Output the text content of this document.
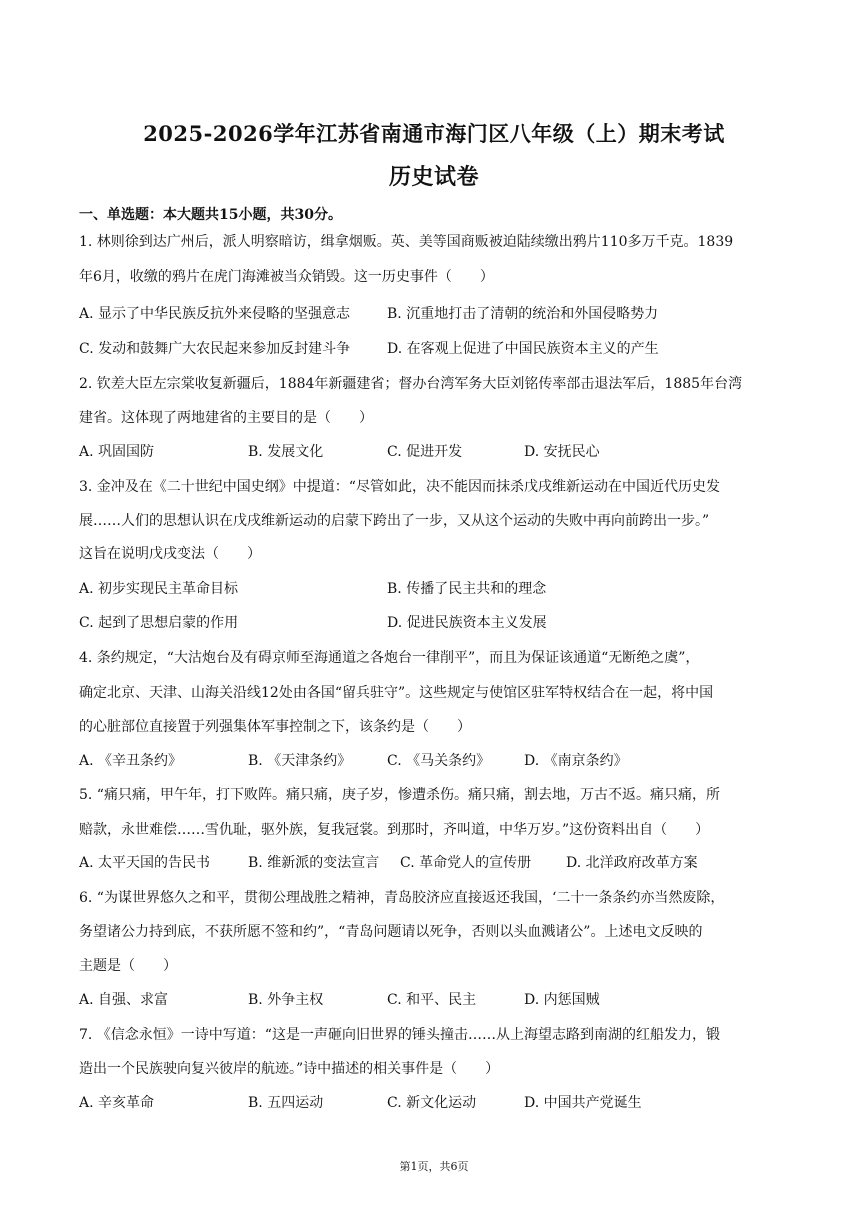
2025-2026学年江苏省南通市海门区八年级（上）期末考试
历史试卷
一、单选题：本大题共15小题，共30分。
1. 林则徐到达广州后，派人明察暗访，缉拿烟贩。英、美等国商贩被迫陆续缴出鸦片110多万千克。1839
年6月，收缴的鸦片在虎门海滩被当众销毁。这一历史事件（　　）
A. 显示了中华民族反抗外来侵略的坚强意志	B. 沉重地打击了清朝的统治和外国侵略势力
C. 发动和鼓舞广大农民起来参加反封建斗争	D. 在客观上促进了中国民族资本主义的产生
2. 钦差大臣左宗棠收复新疆后，1884年新疆建省；督办台湾军务大臣刘铭传率部击退法军后，1885年台湾
建省。这体现了两地建省的主要目的是（　　）
A. 巩固国防	B. 发展文化	C. 促进开发	D. 安抚民心
3. 金冲及在《二十世纪中国史纲》中提道：“尽管如此，决不能因而抹杀戊戌维新运动在中国近代历史发
展……人们的思想认识在戊戌维新运动的启蒙下跨出了一步，又从这个运动的失败中再向前跨出一步。”
这旨在说明戊戌变法（　　）
A. 初步实现民主革命目标	B. 传播了民主共和的理念
C. 起到了思想启蒙的作用	D. 促进民族资本主义发展
4. 条约规定，“大沽炮台及有碍京师至海通道之各炮台一律削平”，而且为保证该通道“无断绝之虞”，
确定北京、天津、山海关沿线12处由各国“留兵驻守”。这些规定与使馆区驻军特权结合在一起，将中国
的心脏部位直接置于列强集体军事控制之下，该条约是（　　）
A. 《辛丑条约》	B. 《天津条约》	C. 《马关条约》 D. 《南京条约》
5. “痛只痛，甲午年，打下败阵。痛只痛，庚子岁，惨遭杀伤。痛只痛，割去地，万古不返。痛只痛，所
赔款，永世难偿……雪仇耻，驱外族，复我冠裳。到那时，齐叫道，中华万岁。”这份资料出自（　　）
A. 太平天国的告民书	B. 维新派的变法宣言 C. 革命党人的宣传册 D. 北洋政府改革方案
6. “为谋世界悠久之和平，贯彻公理战胜之精神，青岛胶济应直接返还我国，‘二十一条条约亦当然废除，
务望诸公力持到底，不获所愿不签和约”，“青岛问题请以死争，否则以头血溅诸公”。上述电文反映的
主题是（　　）
A. 自强、求富	B. 外争主权	C. 和平、民主	D. 内惩国贼
7. 《信念永恒》一诗中写道：“这是一声砸向旧世界的锤头撞击……从上海望志路到南湖的红船发力，锻
造出一个民族驶向复兴彼岸的航迹。”诗中描述的相关事件是（　　）
A. 辛亥革命	B. 五四运动	C. 新文化运动	D. 中国共产党诞生
第1页，共6页
